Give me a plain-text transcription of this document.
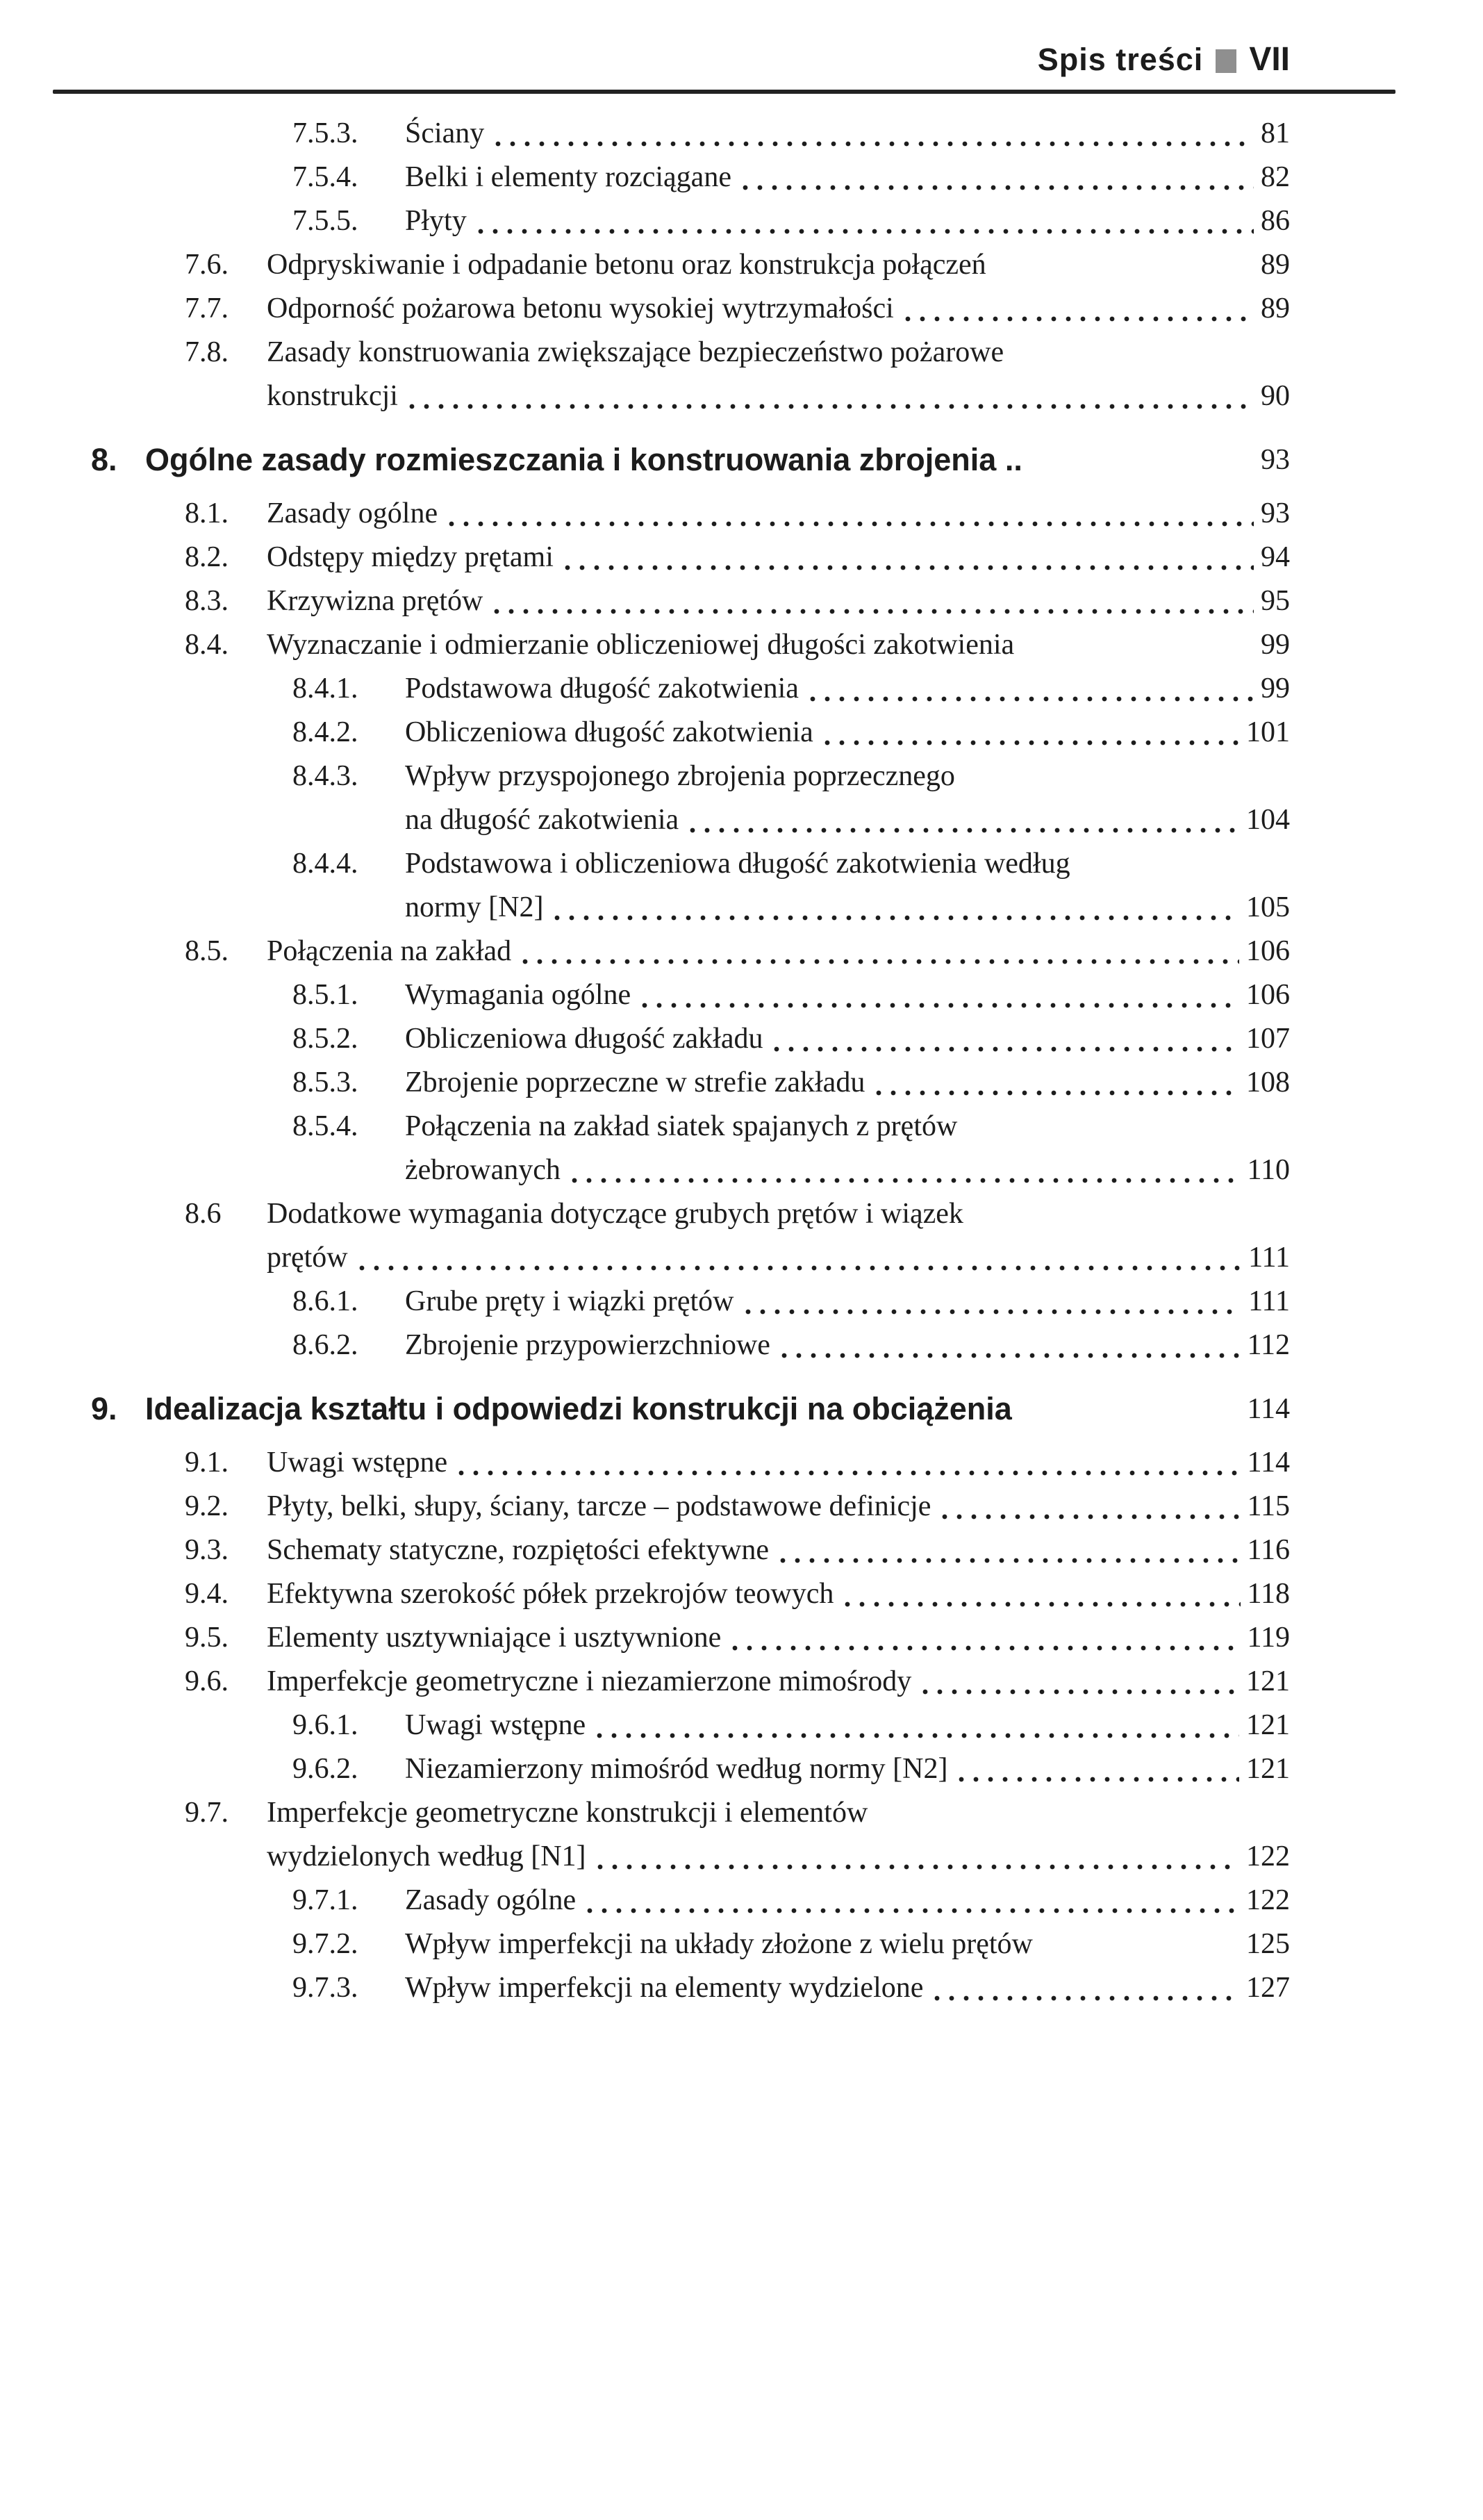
Spis treści VII
7.5.3.	Ściany	81
7.5.4.	Belki i elementy rozciągane	82
7.5.5.	Płyty	86
7.6.	Odpryskiwanie i odpadanie betonu oraz konstrukcja połączeń	89
7.7.	Odporność pożarowa betonu wysokiej wytrzymałości	89
7.8.	Zasady konstruowania zwiększające bezpieczeństwo pożarowe
konstrukcji	90
8. Ogólne zasady rozmieszczania i konstruowania zbrojenia ..	93
8.1.	Zasady ogólne	93
8.2.	Odstępy między prętami	94
8.3.	Krzywizna prętów	95
8.4.	Wyznaczanie i odmierzanie obliczeniowej długości zakotwienia	99
8.4.1.	Podstawowa długość zakotwienia	99
8.4.2.	Obliczeniowa długość zakotwienia	101
8.4.3.	Wpływ przyspojonego zbrojenia poprzecznego
na długość zakotwienia	104
8.4.4.	Podstawowa i obliczeniowa długość zakotwienia według
normy [N2]	105
8.5.	Połączenia na zakład	106
8.5.1.	Wymagania ogólne	106
8.5.2.	Obliczeniowa długość zakładu	107
8.5.3.	Zbrojenie poprzeczne w strefie zakładu	108
8.5.4.	Połączenia na zakład siatek spajanych z prętów
żebrowanych	110
8.6	Dodatkowe wymagania dotyczące grubych prętów i wiązek
prętów	111
8.6.1.	Grube pręty i wiązki prętów	111
8.6.2.	Zbrojenie przypowierzchniowe	112
9. Idealizacja kształtu i odpowiedzi konstrukcji na obciążenia	114
9.1.	Uwagi wstępne	114
9.2.	Płyty, belki, słupy, ściany, tarcze – podstawowe definicje	115
9.3.	Schematy statyczne, rozpiętości efektywne	116
9.4.	Efektywna szerokość półek przekrojów teowych	118
9.5.	Elementy usztywniające i usztywnione	119
9.6.	Imperfekcje geometryczne i niezamierzone mimośrody	121
9.6.1.	Uwagi wstępne	121
9.6.2.	Niezamierzony mimośród według normy [N2]	121
9.7.	Imperfekcje geometryczne konstrukcji i elementów
wydzielonych według [N1]	122
9.7.1.	Zasady ogólne	122
9.7.2.	Wpływ imperfekcji na układy złożone z wielu prętów	125
9.7.3.	Wpływ imperfekcji na elementy wydzielone	127
